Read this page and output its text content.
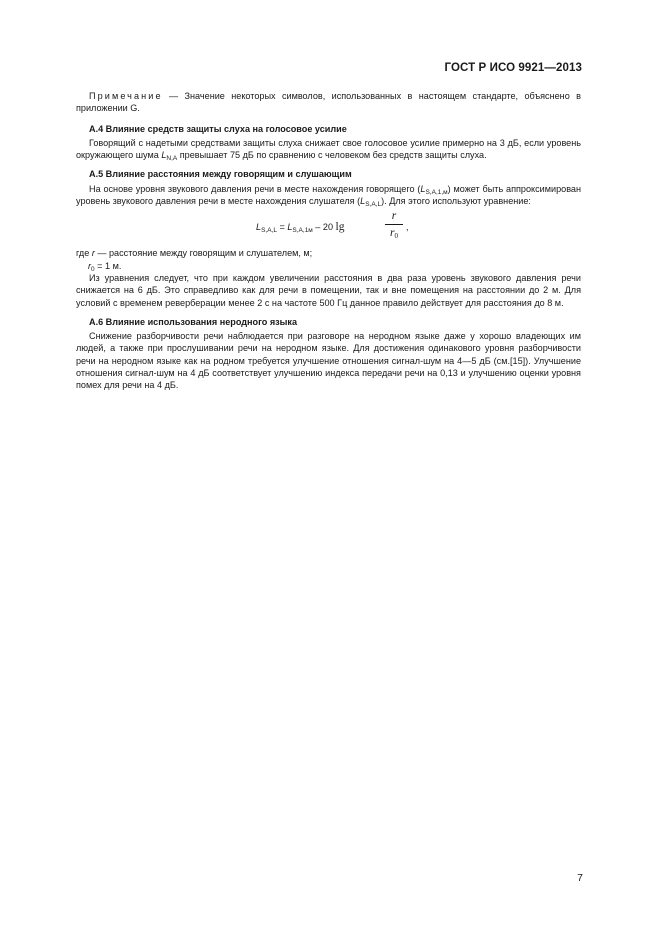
ГОСТ Р ИСО 9921—2013

Примечание — Значение некоторых символов, использованных в настоящем стандарте, объяснено в приложении G.

А.4 Влияние средств защиты слуха на голосовое усилие

Говорящий с надетыми средствами защиты слуха снижает свое голосовое усилие примерно на 3 дБ, если уровень окружающего шума $L_{N,A}$ превышает 75 дБ по сравнению с человеком без средств защиты слуха.

А.5 Влияние расстояния между говорящим и слушающим

На основе уровня звукового давления речи в месте нахождения говорящего $(L_{S,A,1,м})$ может быть аппроксимирован уровень звукового давления речи в месте нахождения слушателя $(L_{S,A,L})$. Для этого используют уравнение:

$L_{S,A,L} = L_{S,A,1м} - 20$ lg
r
$r_0$
,

где r — расстояние между говорящим и слушателем, м;

$r_0 = 1$ м.

Из уравнения следует, что при каждом увеличении расстояния в два раза уровень звукового давления речи снижается на 6 дБ. Это справедливо как для речи в помещении, так и вне помещения на расстоянии до 2 м. Для условий с временем реверберации менее 2 с на частоте 500 Гц данное правило действует для расстояния до 8 м.

А.6 Влияние использования неродного языка

Снижение разборчивости речи наблюдается при разговоре на неродном языке даже у хорошо владеющих им людей, а также при прослушивании речи на неродном языке. Для достижения одинакового уровня разборчивости речи на неродном языке как на родном требуется улучшение отношения сигнал-шум на 4—5 дБ (см.[15]). Улучшение отношения сигнал-шум на 4 дБ соответствует улучшению индекса передачи речи на 0,13 и улучшению оценки уровня помех для речи на 4 дБ.

7
